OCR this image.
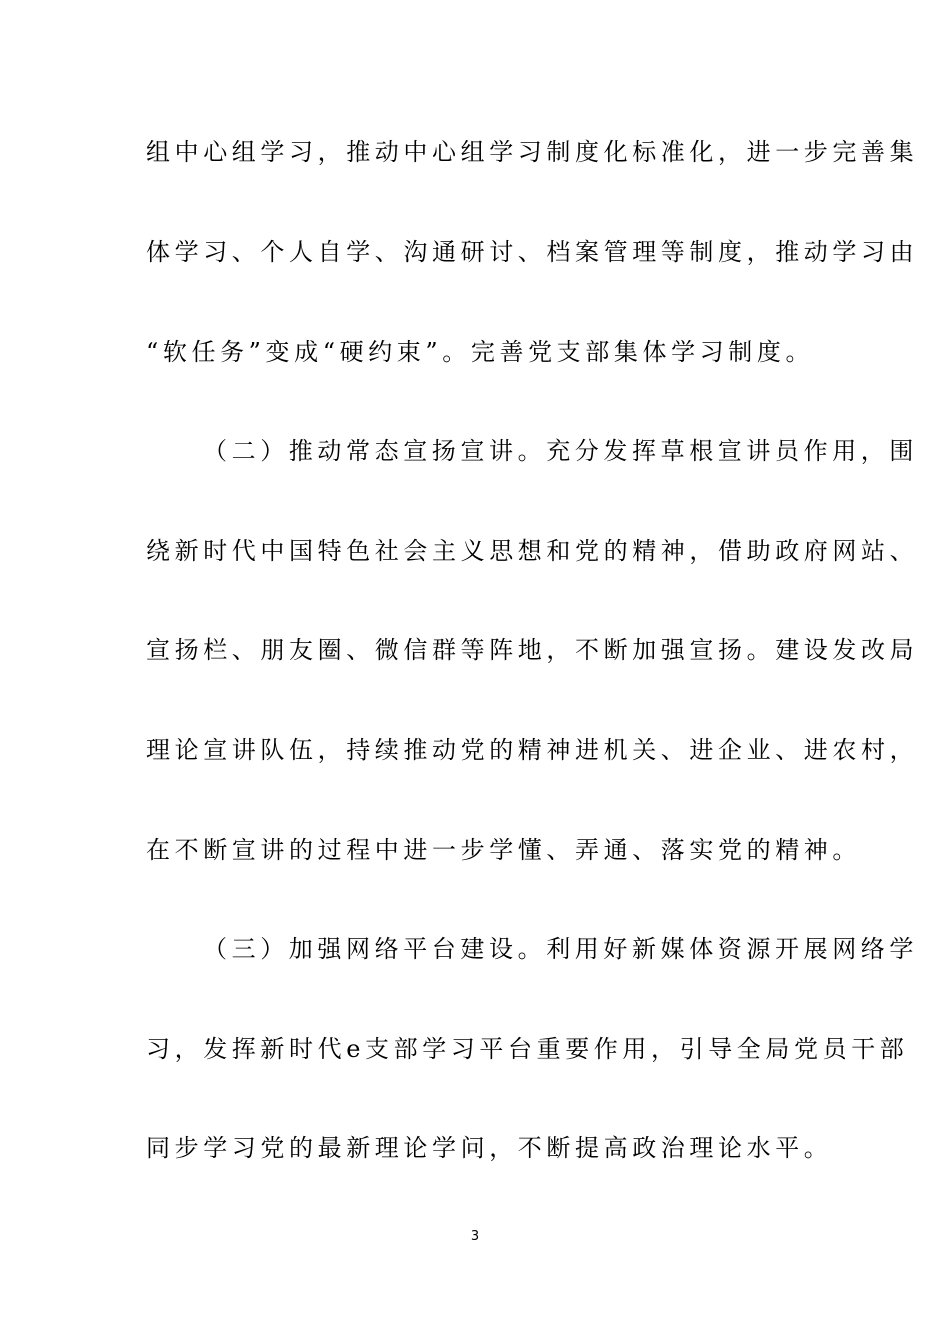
组中心组学习，推动中心组学习制度化标准化，进一步完善集
体学习、个人自学、沟通研讨、档案管理等制度，推动学习由
“软任务”变成“硬约束”。完善党支部集体学习制度。
（二）推动常态宣扬宣讲。充分发挥草根宣讲员作用，围
绕新时代中国特色社会主义思想和党的精神，借助政府网站、
宣扬栏、朋友圈、微信群等阵地，不断加强宣扬。建设发改局
理论宣讲队伍，持续推动党的精神进机关、进企业、进农村，
在不断宣讲的过程中进一步学懂、弄通、落实党的精神。
（三）加强网络平台建设。利用好新媒体资源开展网络学
习，发挥新时代e支部学习平台重要作用，引导全局党员干部
同步学习党的最新理论学问，不断提高政治理论水平。
3
